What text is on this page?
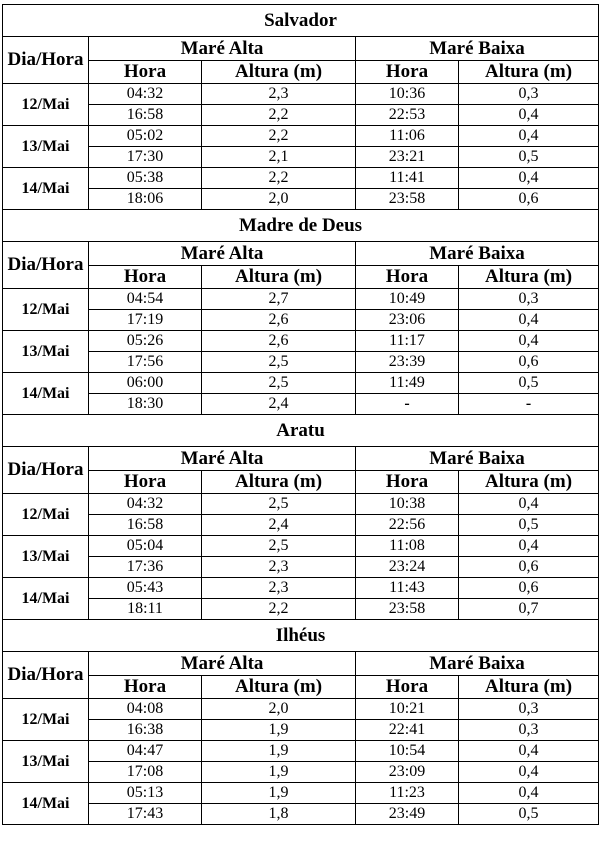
Salvador				
Dia/Hora	Maré Alta		Maré Baixa	
	Hora	Altura (m)	Hora	Altura (m)
12/Mai	04:32	2,3	10:36	0,3
	16:58	2,2	22:53	0,4
13/Mai	05:02	2,2	11:06	0,4
	17:30	2,1	23:21	0,5
14/Mai	05:38	2,2	11:41	0,4
	18:06	2,0	23:58	0,6
Madre de Deus				
Dia/Hora	Maré Alta		Maré Baixa	
	Hora	Altura (m)	Hora	Altura (m)
12/Mai	04:54	2,7	10:49	0,3
	17:19	2,6	23:06	0,4
13/Mai	05:26	2,6	11:17	0,4
	17:56	2,5	23:39	0,6
14/Mai	06:00	2,5	11:49	0,5
	18:30	2,4	-	-
Aratu				
Dia/Hora	Maré Alta		Maré Baixa	
	Hora	Altura (m)	Hora	Altura (m)
12/Mai	04:32	2,5	10:38	0,4
	16:58	2,4	22:56	0,5
13/Mai	05:04	2,5	11:08	0,4
	17:36	2,3	23:24	0,6
14/Mai	05:43	2,3	11:43	0,6
	18:11	2,2	23:58	0,7
Ilhéus				
Dia/Hora	Maré Alta		Maré Baixa	
	Hora	Altura (m)	Hora	Altura (m)
12/Mai	04:08	2,0	10:21	0,3
	16:38	1,9	22:41	0,3
13/Mai	04:47	1,9	10:54	0,4
	17:08	1,9	23:09	0,4
14/Mai	05:13	1,9	11:23	0,4
	17:43	1,8	23:49	0,5
